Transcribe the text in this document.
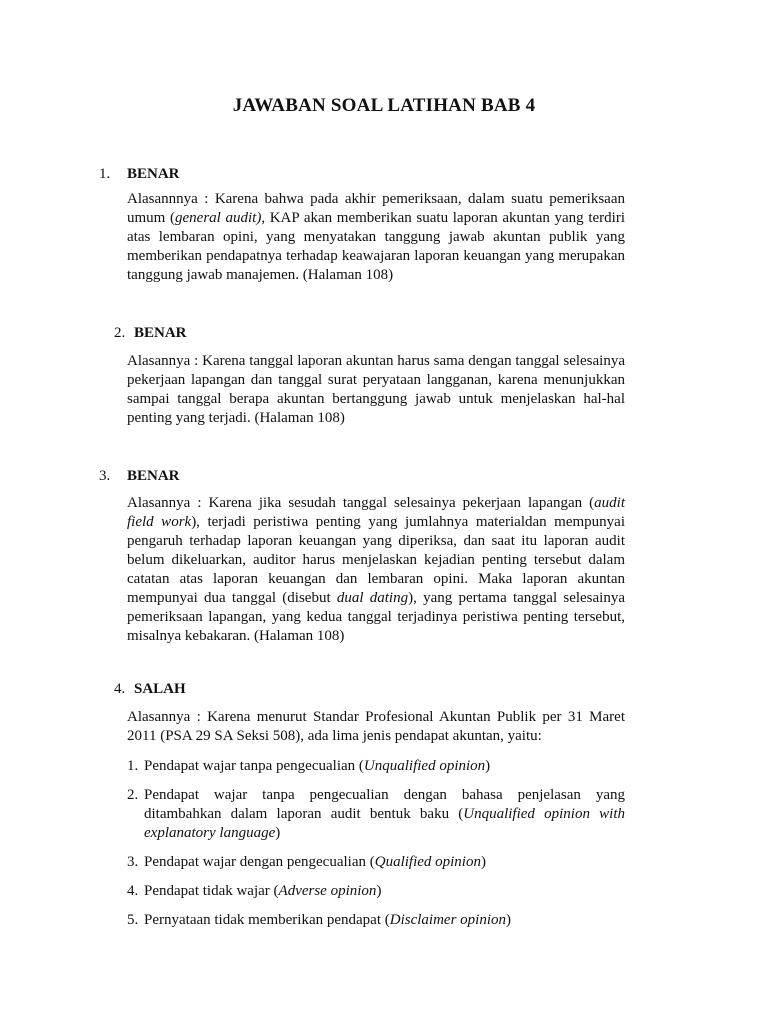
JAWABAN SOAL LATIHAN BAB 4
1. BENAR
Alasannnya : Karena bahwa pada akhir pemeriksaan, dalam suatu pemeriksaan umum (general audit), KAP akan memberikan suatu laporan akuntan yang terdiri atas lembaran opini, yang menyatakan tanggung jawab akuntan publik yang memberikan pendapatnya terhadap keawajaran laporan keuangan yang merupakan tanggung jawab manajemen. (Halaman 108)
2. BENAR
Alasannya : Karena tanggal laporan akuntan harus sama dengan tanggal selesainya pekerjaan lapangan dan tanggal surat peryataan langganan, karena menunjukkan sampai tanggal berapa akuntan bertanggung jawab untuk menjelaskan hal-hal penting yang terjadi. (Halaman 108)
3. BENAR
Alasannya : Karena jika sesudah tanggal selesainya pekerjaan lapangan (audit field work), terjadi peristiwa penting yang jumlahnya materialdan mempunyai pengaruh terhadap laporan keuangan yang diperiksa, dan saat itu laporan audit belum dikeluarkan, auditor harus menjelaskan kejadian penting tersebut dalam catatan atas laporan keuangan dan lembaran opini. Maka laporan akuntan mempunyai dua tanggal (disebut dual dating), yang pertama tanggal selesainya pemeriksaan lapangan, yang kedua tanggal terjadinya peristiwa penting tersebut, misalnya kebakaran. (Halaman 108)
4. SALAH
Alasannya : Karena menurut Standar Profesional Akuntan Publik per 31 Maret 2011 (PSA 29 SA Seksi 508), ada lima jenis pendapat akuntan, yaitu:
1. Pendapat wajar tanpa pengecualian (Unqualified opinion)
2. Pendapat wajar tanpa pengecualian dengan bahasa penjelasan yang ditambahkan dalam laporan audit bentuk baku (Unqualified opinion with explanatory language)
3. Pendapat wajar dengan pengecualian (Qualified opinion)
4. Pendapat tidak wajar (Adverse opinion)
5. Pernyataan tidak memberikan pendapat (Disclaimer opinion)
